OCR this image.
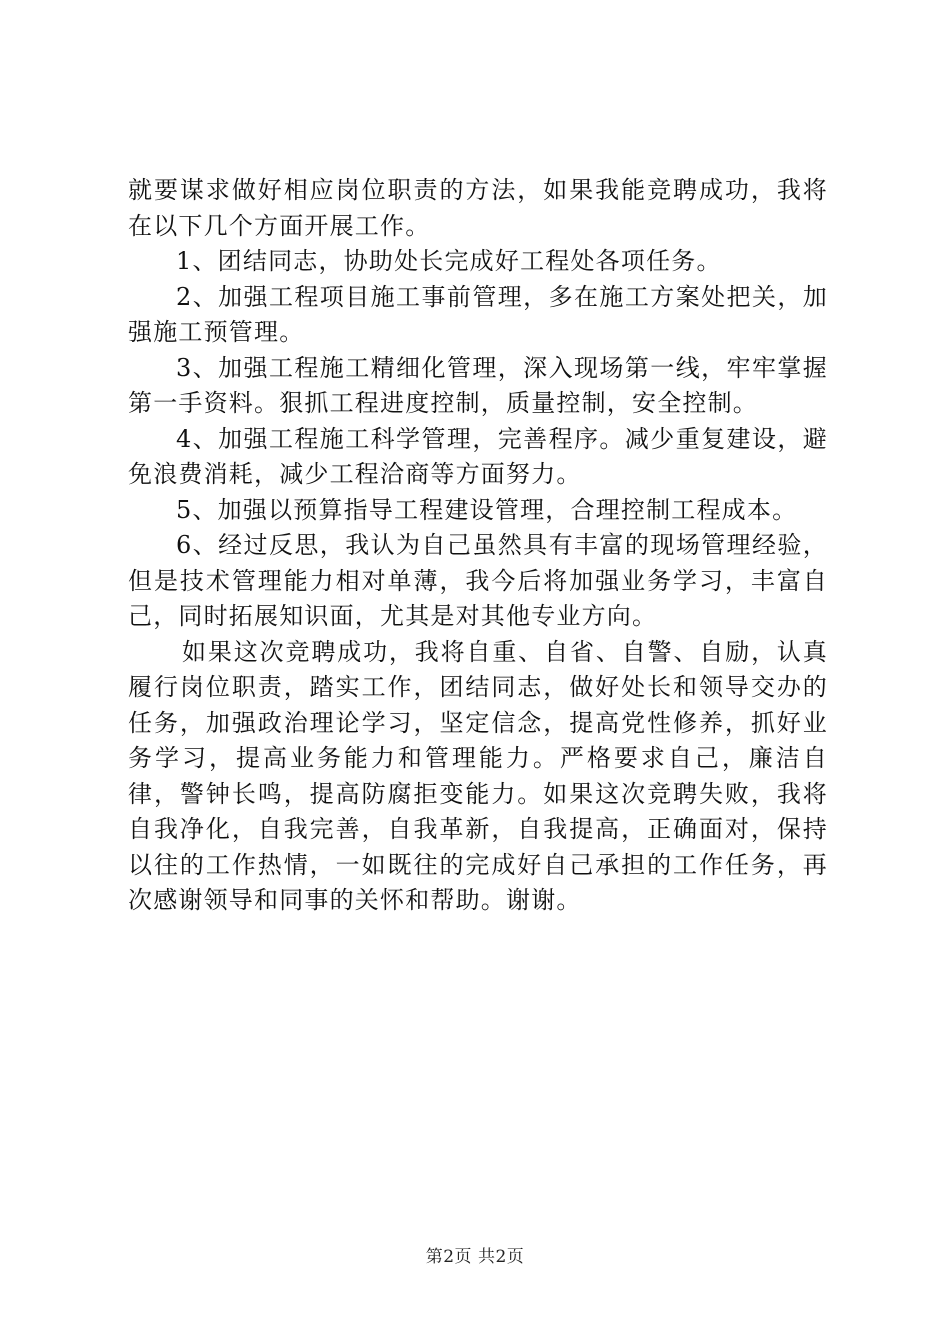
就要谋求做好相应岗位职责的方法，如果我能竞聘成功，我将在以下几个方面开展工作。

1、团结同志，协助处长完成好工程处各项任务。

2、加强工程项目施工事前管理，多在施工方案处把关，加强施工预管理。

3、加强工程施工精细化管理，深入现场第一线，牢牢掌握第一手资料。狠抓工程进度控制，质量控制，安全控制。

4、加强工程施工科学管理，完善程序。减少重复建设，避免浪费消耗，减少工程洽商等方面努力。

5、加强以预算指导工程建设管理，合理控制工程成本。

6、经过反思，我认为自己虽然具有丰富的现场管理经验，但是技术管理能力相对单薄，我今后将加强业务学习，丰富自己，同时拓展知识面，尤其是对其他专业方向。

如果这次竞聘成功，我将自重、自省、自警、自励，认真履行岗位职责，踏实工作，团结同志，做好处长和领导交办的任务，加强政治理论学习，坚定信念，提高党性修养，抓好业务学习，提高业务能力和管理能力。严格要求自己，廉洁自律，警钟长鸣，提高防腐拒变能力。如果这次竞聘失败，我将自我净化，自我完善，自我革新，自我提高，正确面对，保持以往的工作热情，一如既往的完成好自己承担的工作任务，再次感谢领导和同事的关怀和帮助。谢谢。

第2页 共2页
